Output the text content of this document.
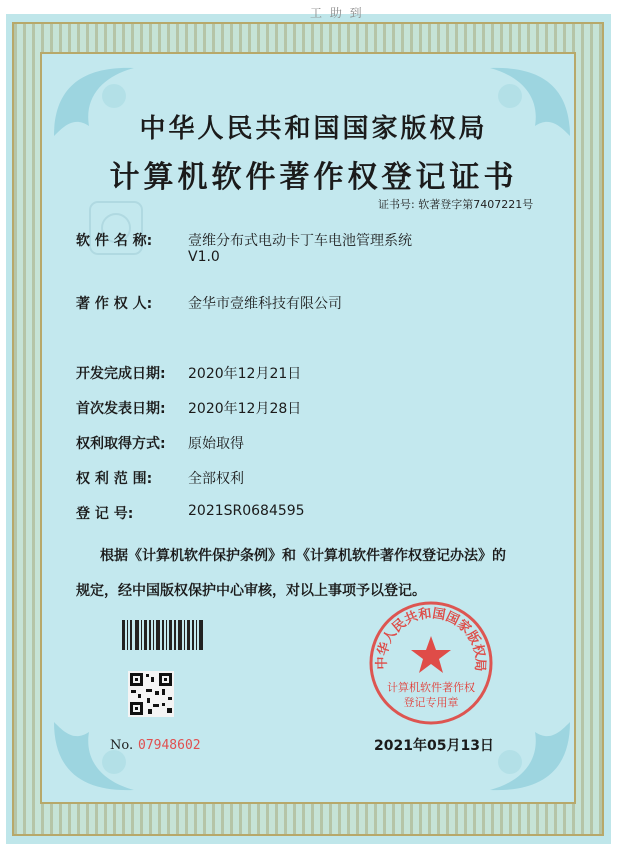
工 助 到
中华人民共和国国家版权局
计算机软件著作权登记证书
证书号: 软著登字第7407221号
软 件 名 称:	壹维分布式电动卡丁车电池管理系统
V1.0
著 作 权 人:	金华市壹维科技有限公司
开发完成日期: 2020年12月21日
首次发表日期: 2020年12月28日
权利取得方式: 原始取得
权 利 范 围:	全部权利
登 记 号:	2021SR0684595
根据《计算机软件保护条例》和《计算机软件著作权登记办法》的
规定，经中国版权保护中心审核，对以上事项予以登记。
No. 07948602
中华人民共和国国家版权局
计算机软件著作权
登记专用章
2021年05月13日
